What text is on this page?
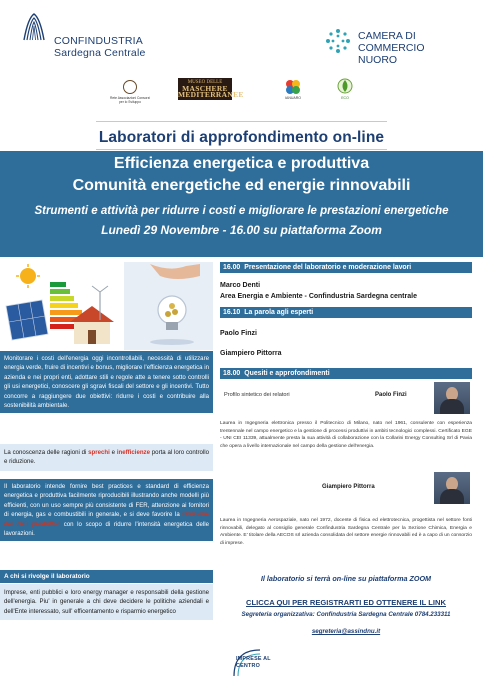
CONFINDUSTRIA
Sardegna Centrale
CAMERA DI COMMERCIO
NUORO
Rete Associazioni Consorzi per lo Sviluppo
MUSEO DELLE
MASCHERE MEDITERRANEE	IANUARO	ECO
Laboratori di approfondimento on-line
Efficienza energetica e produttiva
Comunità energetiche ed energie rinnovabili
Strumenti e attività per ridurre i costi e migliorare le prestazioni energetiche
Lunedì 29 Novembre - 16.00 su piattaforma Zoom
Monitorare i costi dell'energia oggi incontrollabili, necessità di utilizzare energia verde, fruire di incentivi e bonus, migliorare l'efficienza energetica in azienda e nei propri enti, adottare stili e regole atte a tenere sotto controlli gli usi energetici, conoscere gli sgravi fiscali del settore e gli incentivi. Tutto concorre a raggiungere due obiettivi: ridurre i costi e contribuire alla sostenibilità ambientale.
La conoscenza delle ragioni di sprechi e inefficienze porta al loro controllo e riduzione.
Il laboratorio intende fornire best practices e standard di efficienza energetica e produttiva facilmente riproducibili illustrando anche modelli più efficienti, con un uso sempre più consistente di FER, attenzione ai fornitori di energia, gas e combustibili in generale, e si deve favorire la revisione dei cicli produttivi con lo scopo di ridurre l'intensità energetica delle lavorazioni.
A chi si rivolge il laboratorio
Imprese, enti pubblici e loro energy manager e responsabili della gestione dell'energia. Piu' in generale a chi deve decidere le politiche aziendali e dell'Ente interessato, sull' efficentamento e risparmio energetico
16.00 Presentazione del laboratorio e moderazione lavori
Marco Denti
Area Energia e Ambiente - Confindustria Sardegna centrale
16.10 La parola agli esperti
Paolo Finzi
Giampiero Pittorra
18.00 Quesiti e approfondimenti
Profilo sintetico dei relatori	Paolo Finzi
Laurea in Ingegneria elettronica presso il Politecnico di Milano, nato nel 1961, consulente con esperienza trentennale nel campo energetico e la gestione di processi produttivi in ambiti tecnologici complessi. Certificato EGE - UNI CEI 11339, attualmente presta la sua attività di collaborazione con la Collarini Energy Consulting Srl di Pavia che opera a livello internazionale nel campo della gestione dell'energia.
Giampiero Pittorra
Laurea in Ingegneria Aerospaziale, nato nel 1972, docente di fisica ed elettrotecnica, progettista nel settore fonti rinnovabili, delegato al consiglio generale Confindustria Sardegna Centrale per la Sezione Chimica, Energia e Ambiente. E' titolare della AECOS srl azienda consolidata del settore energie rinnovabili ed è a capo di un consorzio di imprese.
Il laboratorio si terrà on-line su piattaforma ZOOM
CLICCA QUI PER REGISTRARTI ED OTTENERE IL LINK
Segreteria organizzativa: Confindustria Sardegna Centrale 0784.233311
segreteria@assindnu.it
IMPRESE AL CENTRO
